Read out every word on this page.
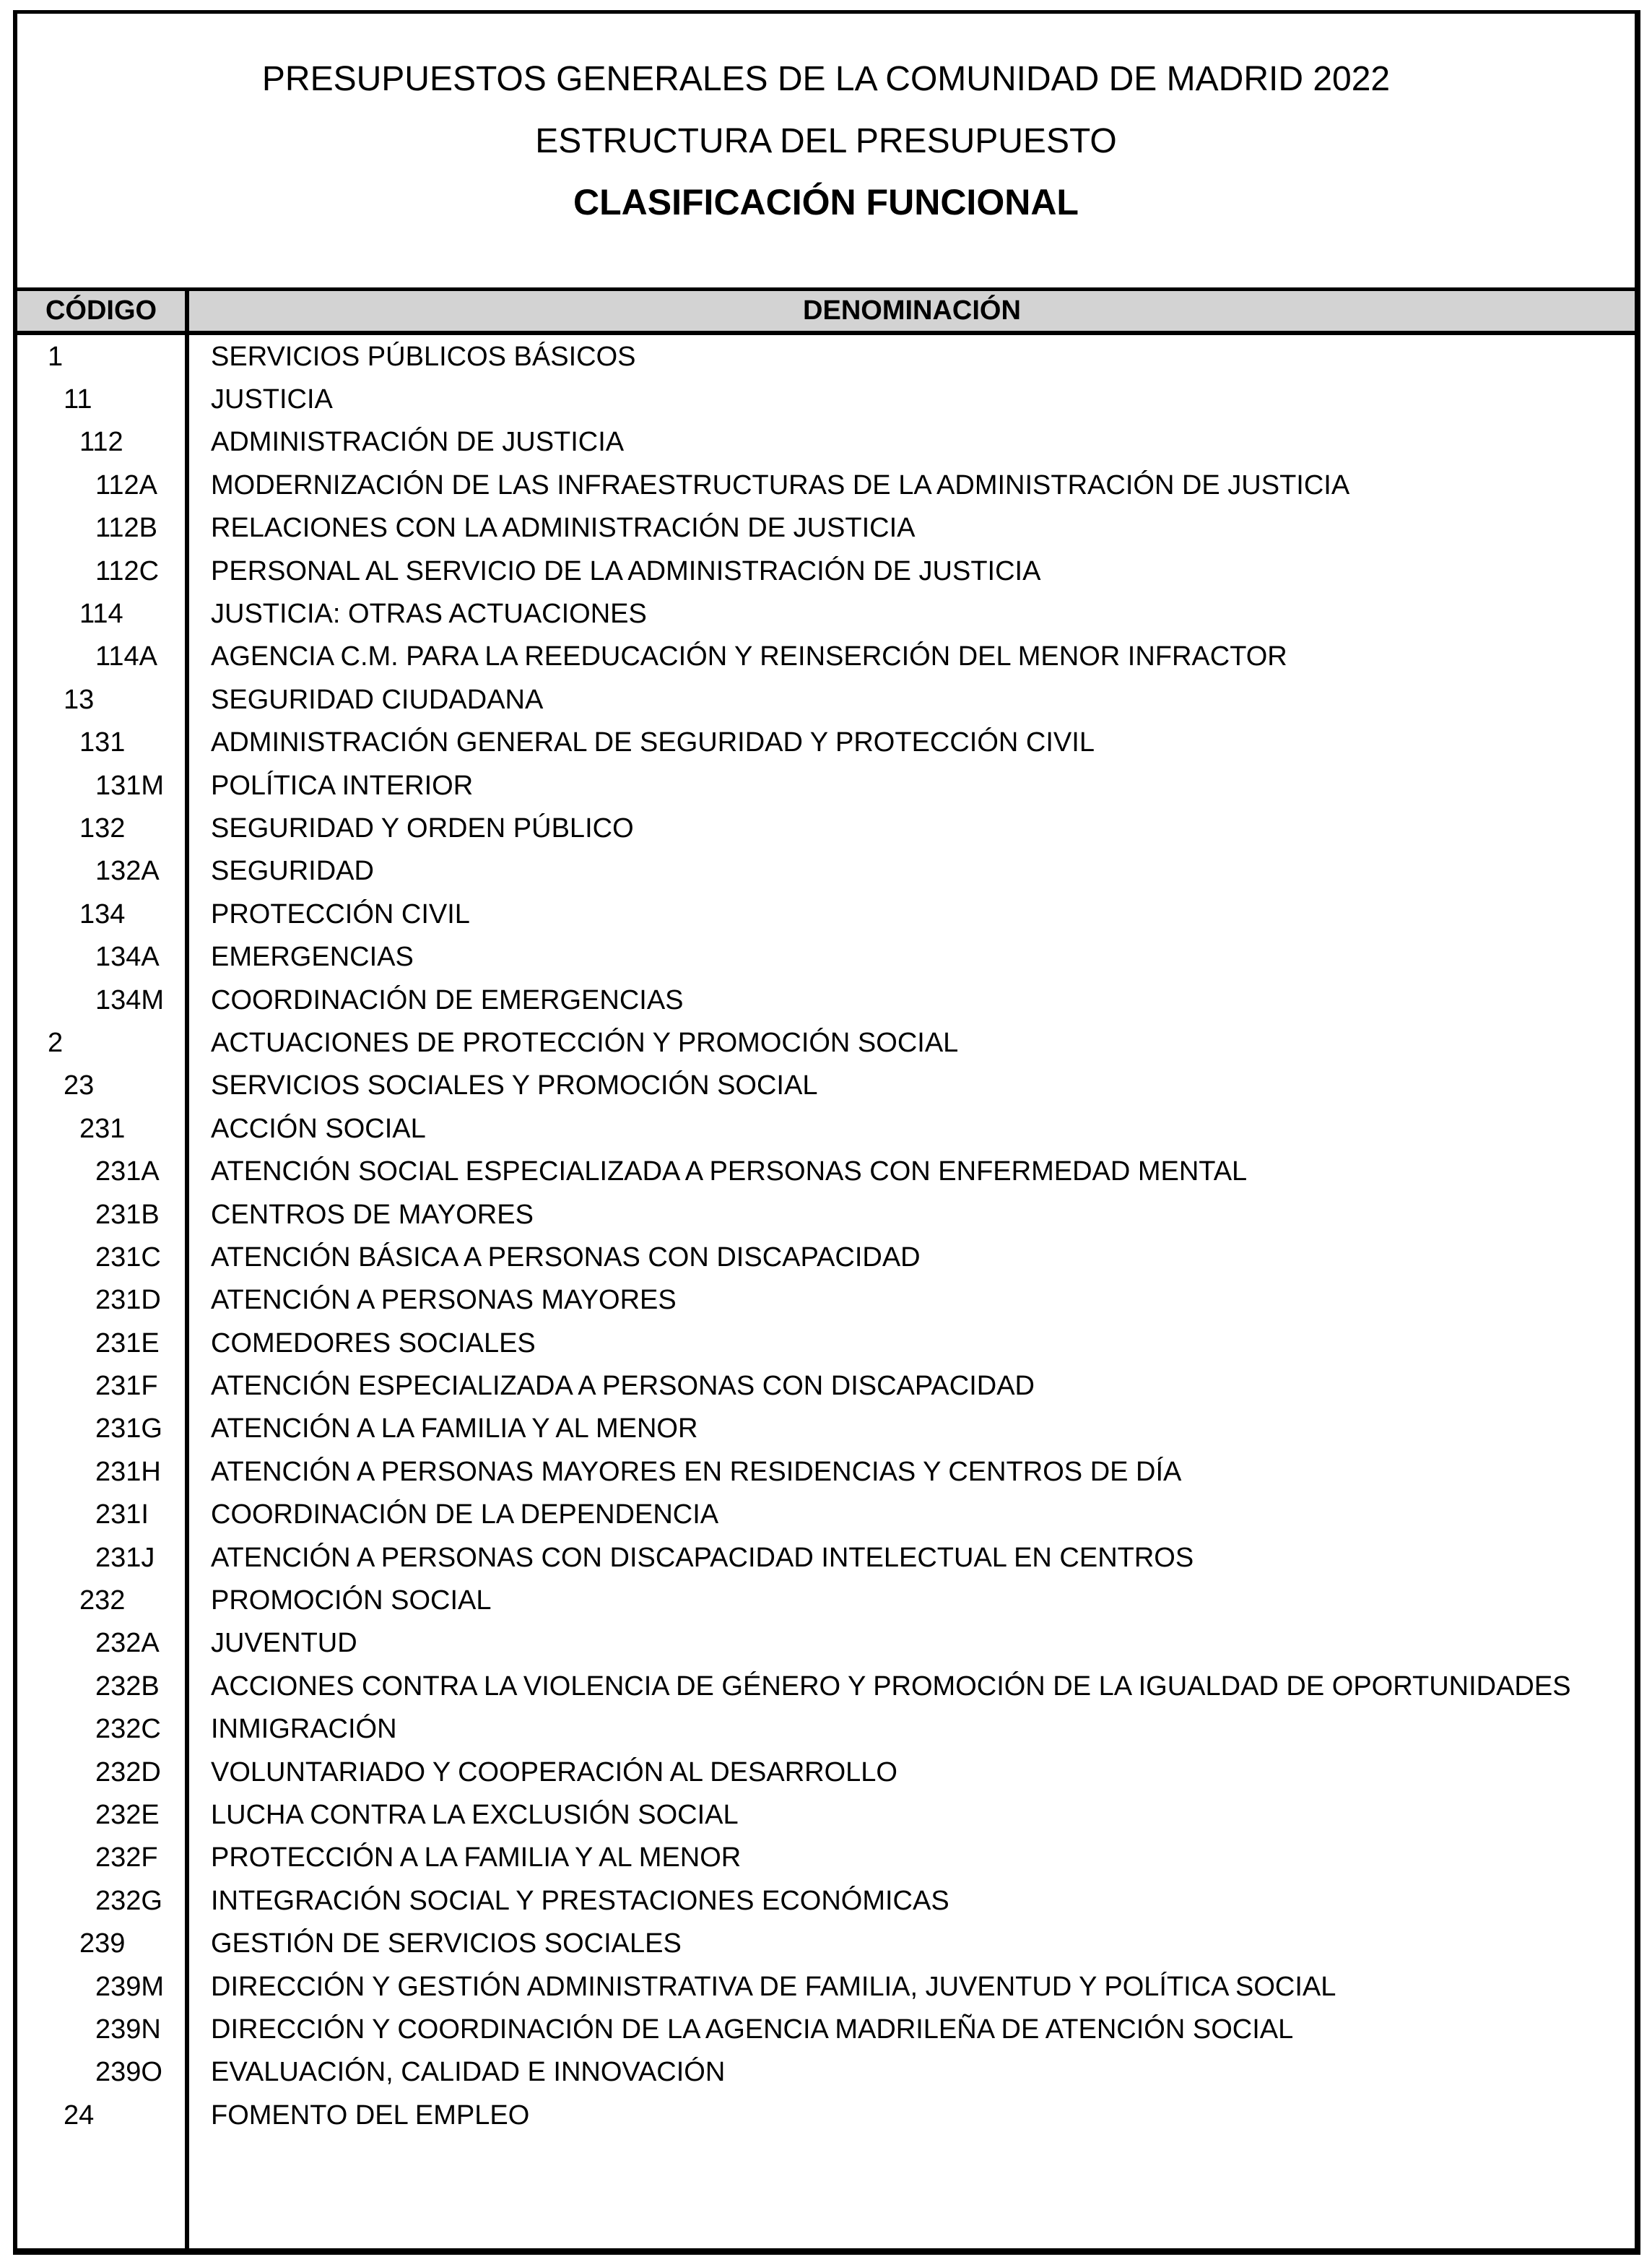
PRESUPUESTOS GENERALES DE LA COMUNIDAD DE MADRID 2022
ESTRUCTURA DEL PRESUPUESTO
CLASIFICACIÓN FUNCIONAL
CÓDIGO	DENOMINACIÓN
1	SERVICIOS PÚBLICOS BÁSICOS
11	JUSTICIA
112	ADMINISTRACIÓN DE JUSTICIA
112A	MODERNIZACIÓN DE LAS INFRAESTRUCTURAS DE LA ADMINISTRACIÓN DE JUSTICIA
112B	RELACIONES CON LA ADMINISTRACIÓN DE JUSTICIA
112C	PERSONAL AL SERVICIO DE LA ADMINISTRACIÓN DE JUSTICIA
114	JUSTICIA: OTRAS ACTUACIONES
114A	AGENCIA C.M. PARA LA REEDUCACIÓN Y REINSERCIÓN DEL MENOR INFRACTOR
13	SEGURIDAD CIUDADANA
131	ADMINISTRACIÓN GENERAL DE SEGURIDAD Y PROTECCIÓN CIVIL
131M	POLÍTICA INTERIOR
132	SEGURIDAD Y ORDEN PÚBLICO
132A	SEGURIDAD
134	PROTECCIÓN CIVIL
134A	EMERGENCIAS
134M	COORDINACIÓN DE EMERGENCIAS
2	ACTUACIONES DE PROTECCIÓN Y PROMOCIÓN SOCIAL
23	SERVICIOS SOCIALES Y PROMOCIÓN SOCIAL
231	ACCIÓN SOCIAL
231A	ATENCIÓN SOCIAL ESPECIALIZADA A PERSONAS CON ENFERMEDAD MENTAL
231B	CENTROS DE MAYORES
231C	ATENCIÓN BÁSICA A PERSONAS CON DISCAPACIDAD
231D	ATENCIÓN A PERSONAS MAYORES
231E	COMEDORES SOCIALES
231F	ATENCIÓN ESPECIALIZADA A PERSONAS CON DISCAPACIDAD
231G	ATENCIÓN A LA FAMILIA Y AL MENOR
231H	ATENCIÓN A PERSONAS MAYORES EN RESIDENCIAS Y CENTROS DE DÍA
231I	COORDINACIÓN DE LA DEPENDENCIA
231J	ATENCIÓN A PERSONAS CON DISCAPACIDAD INTELECTUAL EN CENTROS
232	PROMOCIÓN SOCIAL
232A	JUVENTUD
232B	ACCIONES CONTRA LA VIOLENCIA DE GÉNERO Y PROMOCIÓN DE LA IGUALDAD DE OPORTUNIDADES
232C	INMIGRACIÓN
232D	VOLUNTARIADO Y COOPERACIÓN AL DESARROLLO
232E	LUCHA CONTRA LA EXCLUSIÓN SOCIAL
232F	PROTECCIÓN A LA FAMILIA Y AL MENOR
232G	INTEGRACIÓN SOCIAL Y PRESTACIONES ECONÓMICAS
239	GESTIÓN DE SERVICIOS SOCIALES
239M	DIRECCIÓN Y GESTIÓN ADMINISTRATIVA DE FAMILIA, JUVENTUD Y POLÍTICA SOCIAL
239N	DIRECCIÓN Y COORDINACIÓN DE LA AGENCIA MADRILEÑA DE ATENCIÓN SOCIAL
239O	EVALUACIÓN, CALIDAD E INNOVACIÓN
24	FOMENTO DEL EMPLEO
